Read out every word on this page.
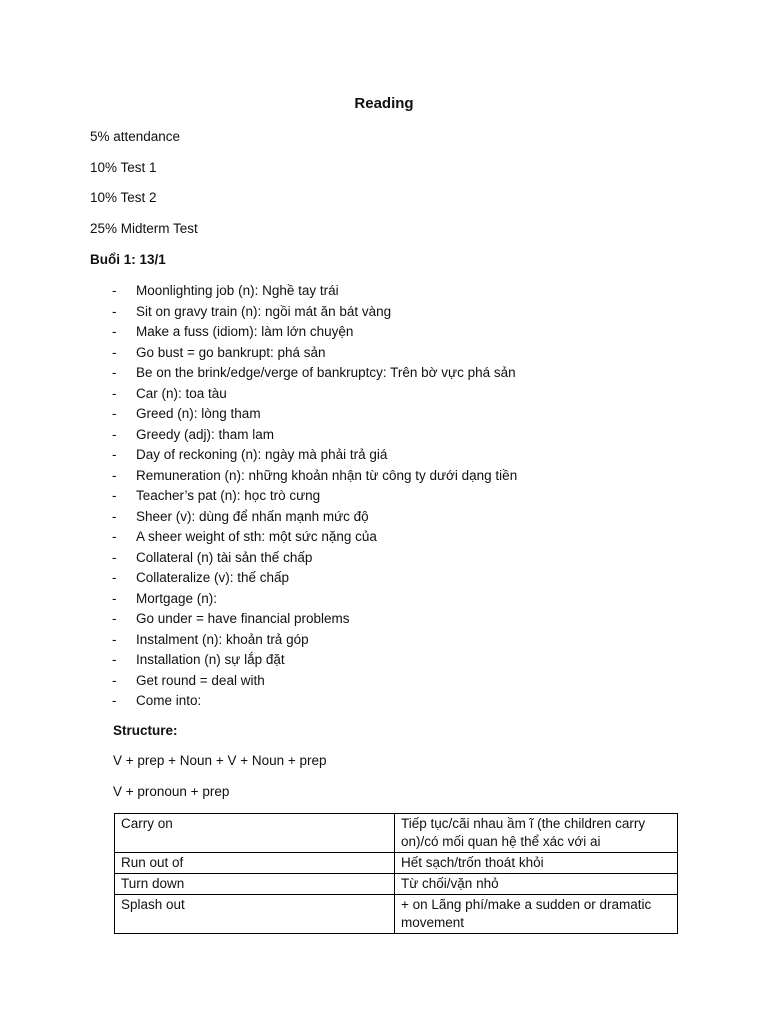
Reading
5% attendance
10% Test 1
10% Test 2
25% Midterm Test
Buổi 1: 13/1
- Moonlighting job (n): Nghề tay trái
- Sit on gravy train (n): ngồi mát ăn bát vàng
- Make a fuss (idiom): làm lớn chuyện
- Go bust = go bankrupt: phá sản
- Be on the brink/edge/verge of bankruptcy: Trên bờ vực phá sản
- Car (n): toa tàu
- Greed (n): lòng tham
- Greedy (adj): tham lam
- Day of reckoning (n): ngày mà phải trả giá
- Remuneration (n): những khoản nhận từ công ty dưới dạng tiền
- Teacher’s pat (n): học trò cưng
- Sheer (v): dùng để nhấn mạnh mức độ
- A sheer weight of sth: một sức nặng của
- Collateral (n) tài sản thế chấp
- Collateralize (v): thế chấp
- Mortgage (n):
- Go under = have financial problems
- Instalment (n): khoản trả góp
- Installation (n) sự lắp đặt
- Get round = deal with
- Come into:
Structure:
V + prep + Noun + V + Noun + prep
V + pronoun + prep
Carry on	Tiếp tục/cãi nhau ầm ĩ (the children carry on)/có mối quan hệ thể xác với ai
Run out of	Hết sạch/trốn thoát khỏi
Turn down	Từ chối/vặn nhỏ
Splash out	+ on Lãng phí/make a sudden or dramatic movement
